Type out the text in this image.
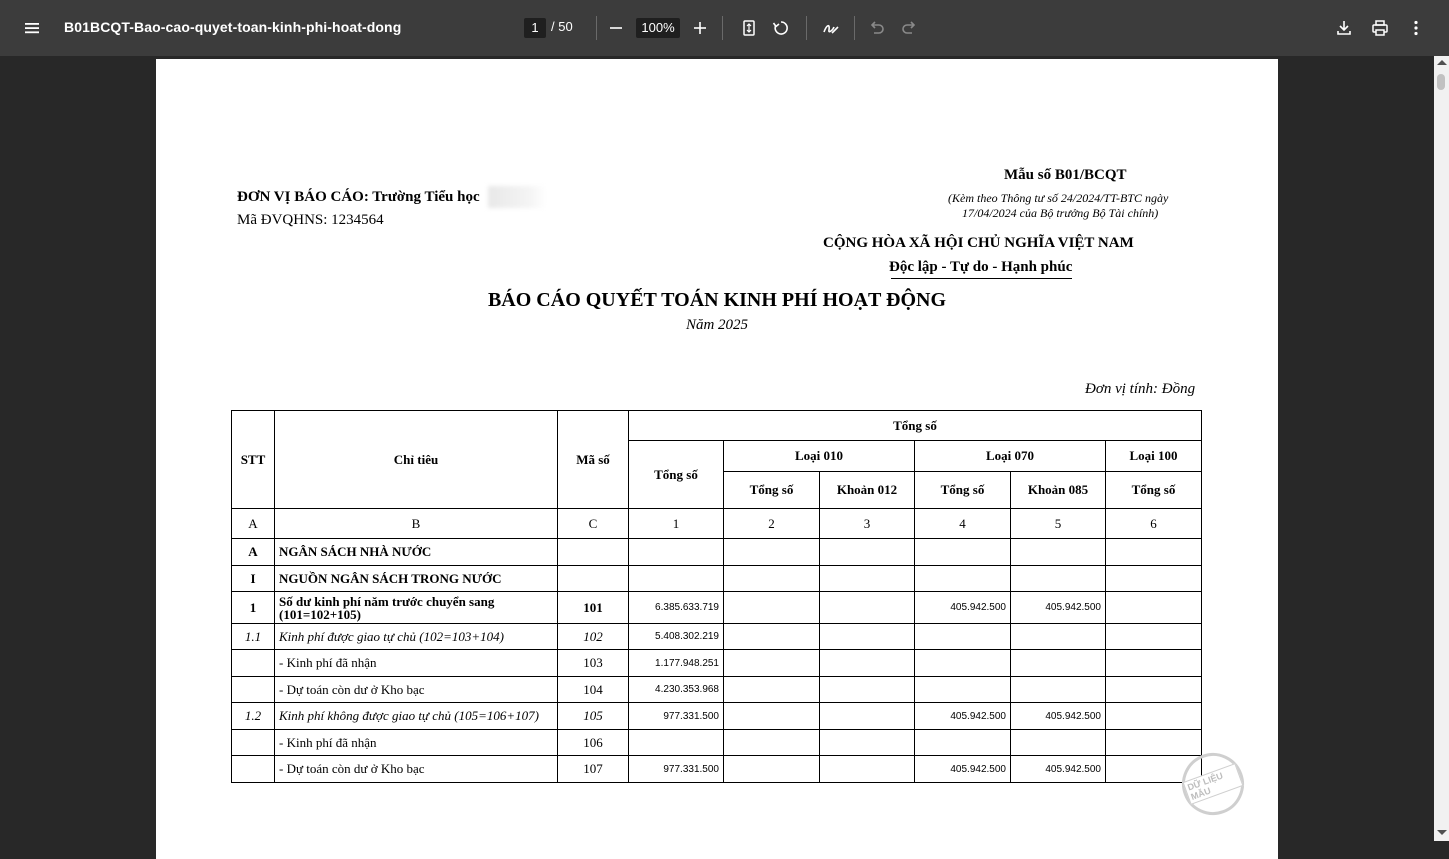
B01BCQT-Bao-cao-quyet-toan-kinh-phi-hoat-dong	1 / 50	100%
Mẫu số B01/BCQT
(Kèm theo Thông tư số 24/2024/TT-BTC ngày
17/04/2024 của Bộ trưởng Bộ Tài chính)
ĐƠN VỊ BÁO CÁO: Trường Tiểu học
Mã ĐVQHNS: 1234564
CỘNG HÒA XÃ HỘI CHỦ NGHĨA VIỆT NAM
Độc lập - Tự do - Hạnh phúc
BÁO CÁO QUYẾT TOÁN KINH PHÍ HOẠT ĐỘNG
Năm 2025
Đơn vị tính: Đồng
STT	Chỉ tiêu	Mã số	Tổng số					
			Tổng số	Loại 010		Loại 070		Loại 100
				Tổng số	Khoản 012	Tổng số	Khoản 085	Tổng số
A	B	C	1	2	3	4	5	6
A	NGÂN SÁCH NHÀ NƯỚC							
I	NGUỒN NGÂN SÁCH TRONG NƯỚC							
1	Số dư kinh phí năm trước chuyển sang (101=102+105)	101	6.385.633.719			405.942.500	405.942.500	
1.1	Kinh phí được giao tự chủ (102=103+104)	102	5.408.302.219					
	- Kinh phí đã nhận	103	1.177.948.251					
	- Dự toán còn dư ở Kho bạc	104	4.230.353.968					
1.2	Kinh phí không được giao tự chủ (105=106+107)	105	977.331.500			405.942.500	405.942.500	
	- Kinh phí đã nhận	106						
	- Dự toán còn dư ở Kho bạc	107	977.331.500			405.942.500	405.942.500	
DỮ LIỆU MẪU
